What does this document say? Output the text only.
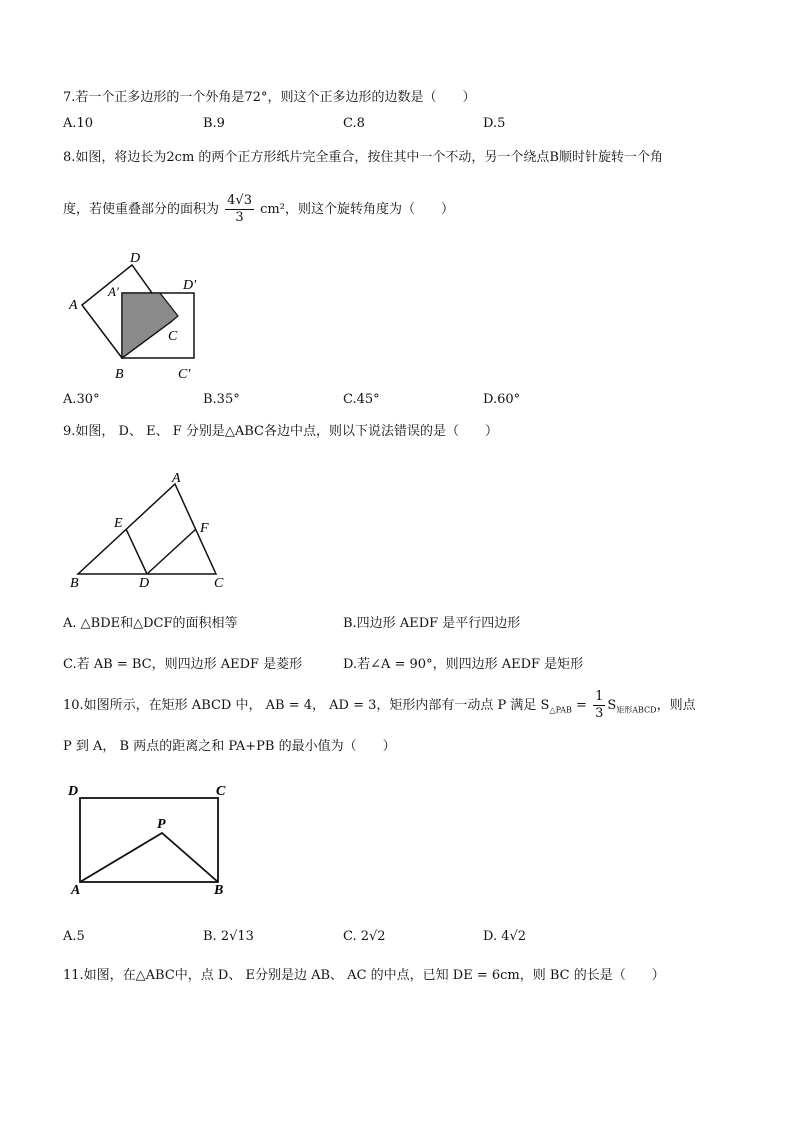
7.若一个正多边形的一个外角是72°，则这个正多边形的边数是（　　）
A.10	B.9	C.8	D.5
8.如图，将边长为2cm 的两个正方形纸片完全重合，按住其中一个不动，另一个绕点B顺时针旋转一个角
度，若使重叠部分的面积为 $\frac{4√3}{3} cm^2$，则这个旋转角度为（　　）
D
D′
A
A′
C
B	C′
A.30°	B.35°	C.45°	D.60°
9.如图， D、 E、 F 分别是△ABC各边中点，则以下说法错误的是（　　）
A
E	F
B	D	C
A. △BDE和△DCF的面积相等	B.四边形 AEDF 是平行四边形
C.若 AB = BC，则四边形 AEDF 是菱形	D.若∠A = 90°，则四边形 AEDF 是矩形
10.如图所示，在矩形 ABCD 中， AB = 4， AD = 3，矩形内部有一动点 P 满足 $S_{\triangle PAB} = \frac{1}{3} S_{矩形ABCD}$，则点
P 到 A， B 两点的距离之和 PA+PB 的最小值为（　　）
D	C
P
A	B
A.5	B. 2√13	C. 2√2	D. 4√2
11.如图，在△ABC中，点 D、 E分别是边 AB、 AC 的中点，已知 DE = 6cm，则 BC 的长是（　　）
